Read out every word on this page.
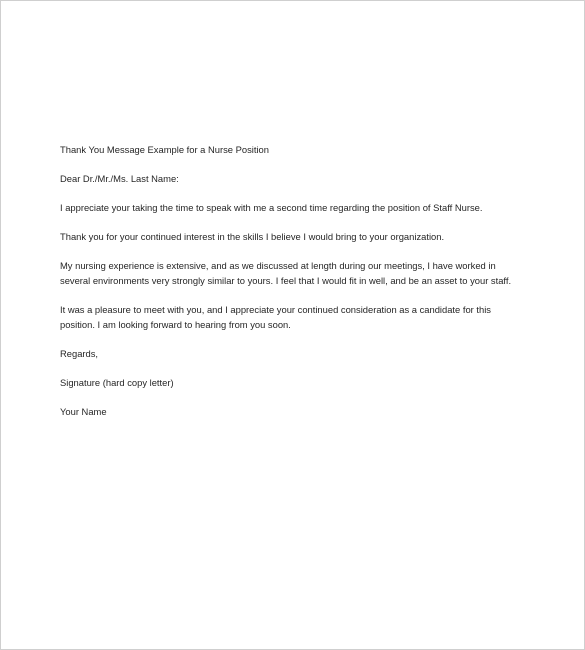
Thank You Message Example for a Nurse Position

Dear Dr./Mr./Ms. Last Name:

I appreciate your taking the time to speak with me a second time regarding the position of Staff Nurse.

Thank you for your continued interest in the skills I believe I would bring to your organization.

My nursing experience is extensive, and as we discussed at length during our meetings, I have worked in several environments very strongly similar to yours. I feel that I would fit in well, and be an asset to your staff.

It was a pleasure to meet with you, and I appreciate your continued consideration as a candidate for this position. I am looking forward to hearing from you soon.

Regards,

Signature (hard copy letter)

Your Name
